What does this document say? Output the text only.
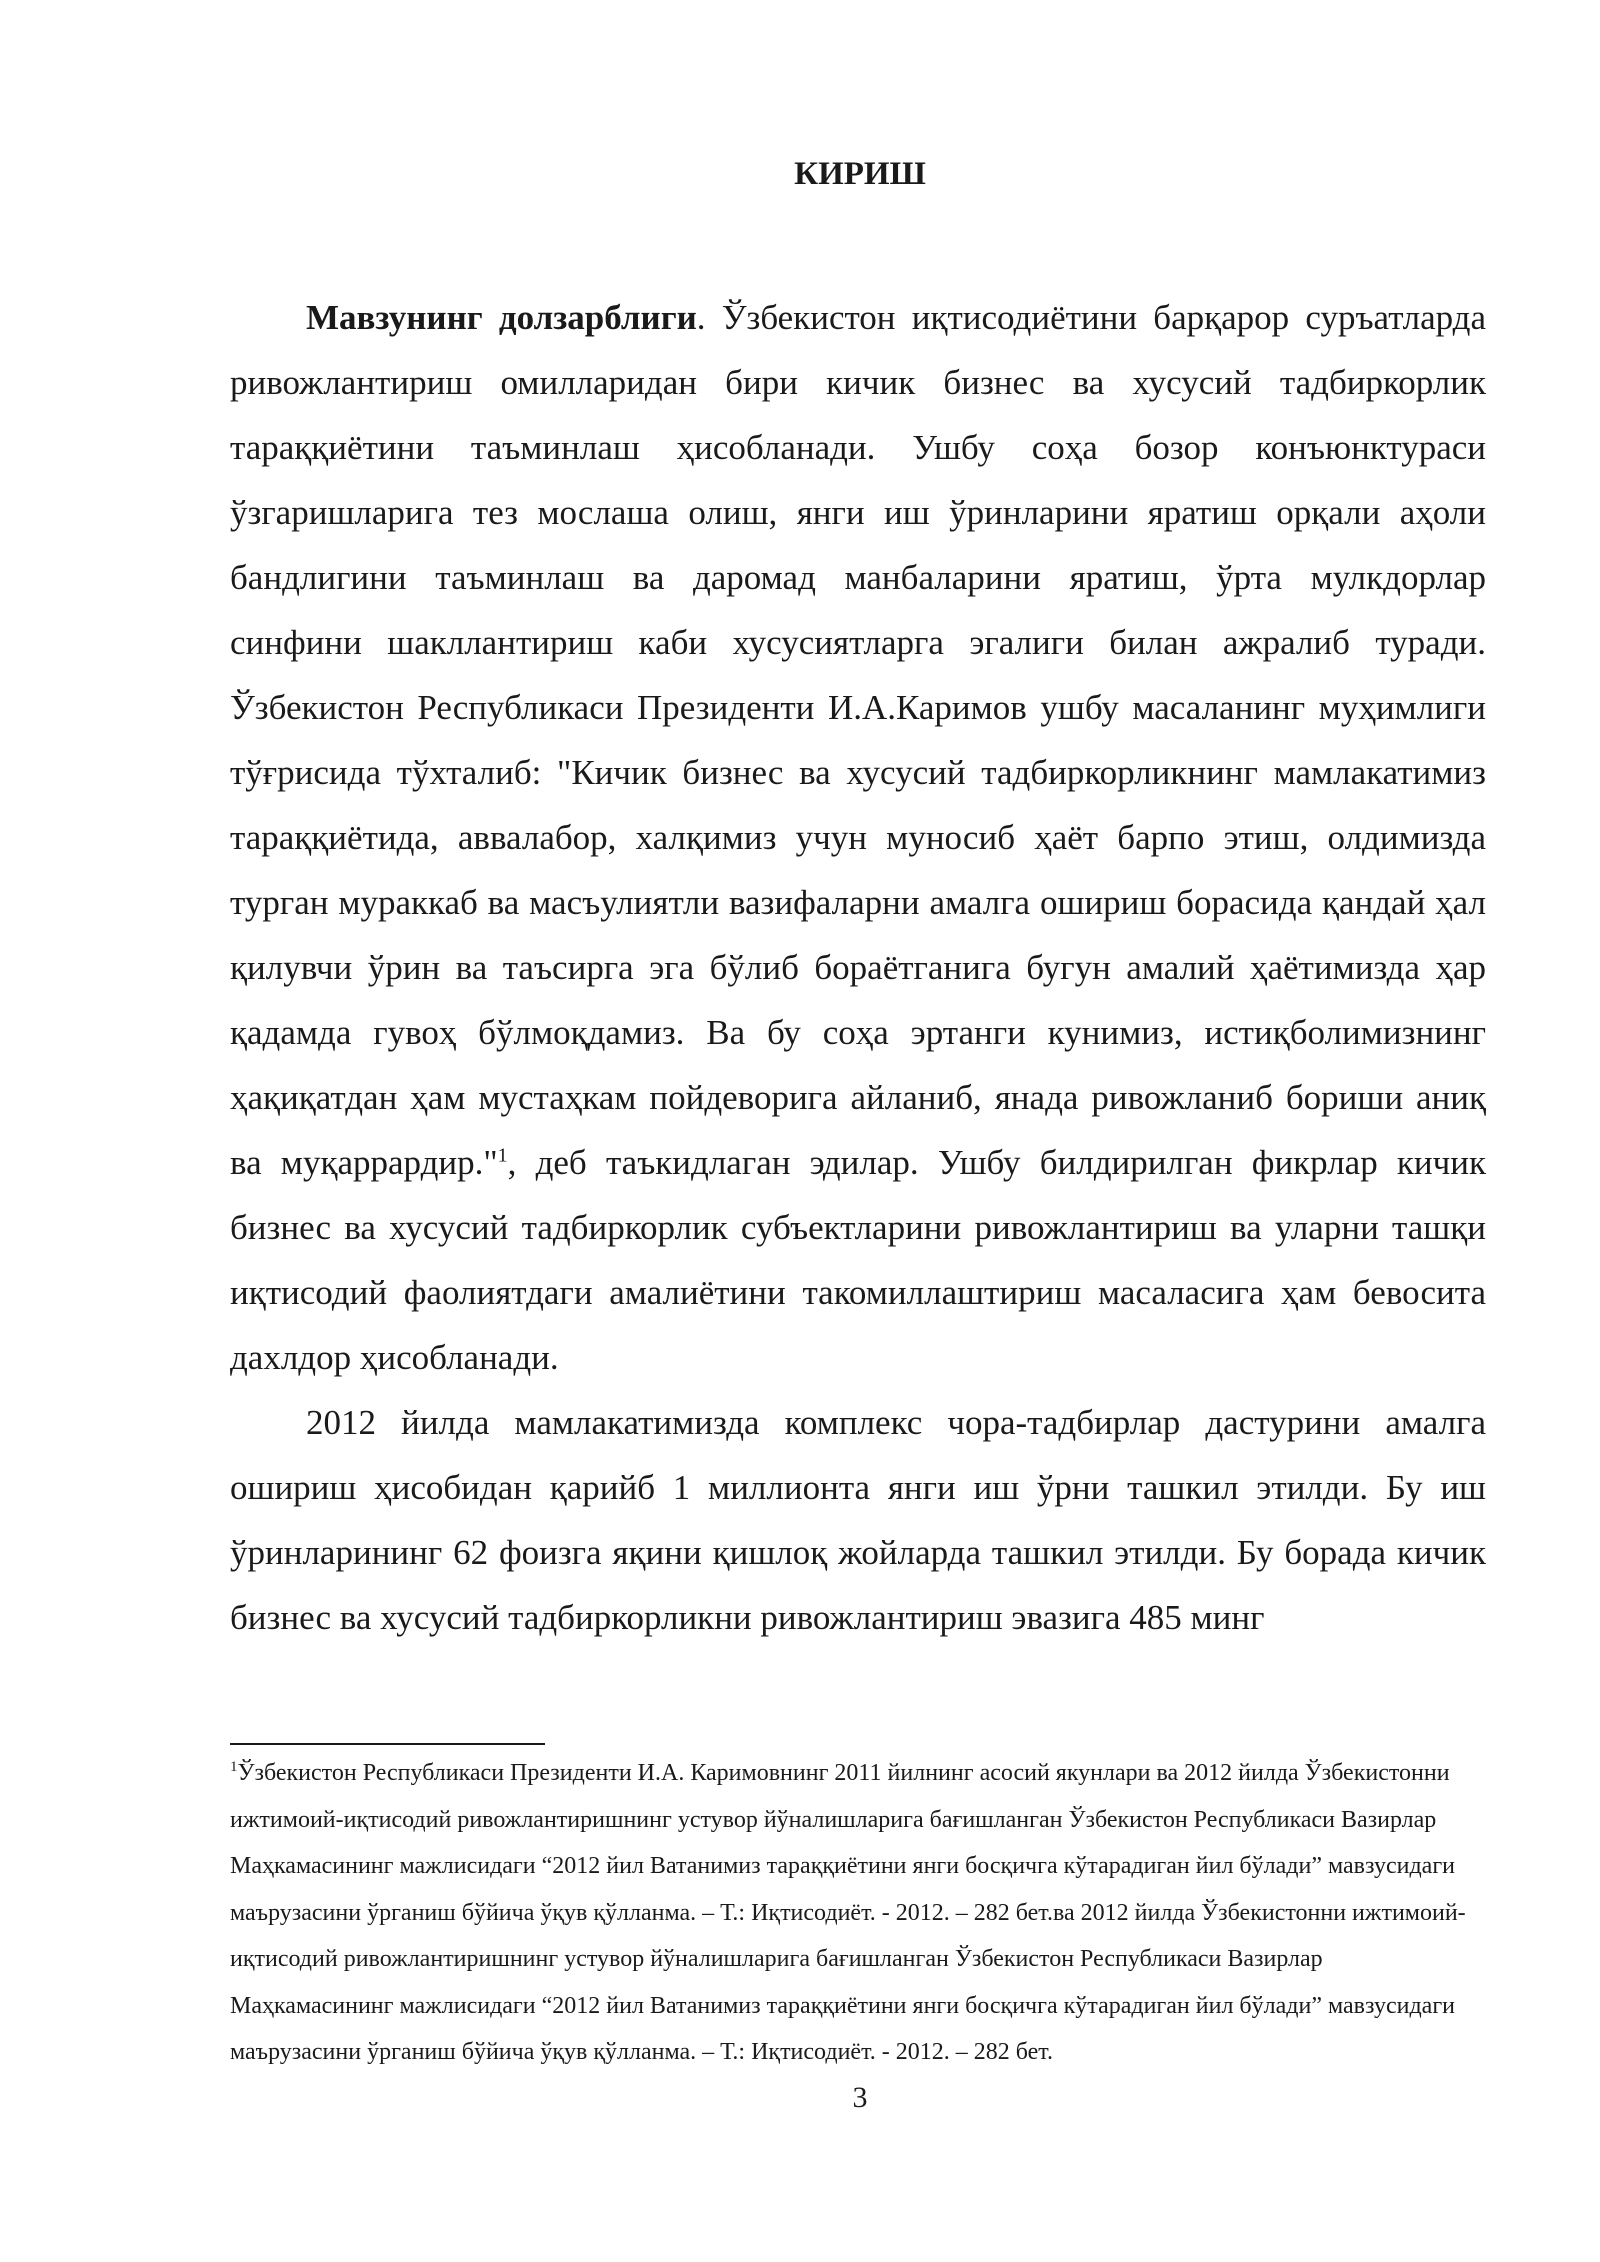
КИРИШ

Мавзунинг долзарблиги. Ўзбекистон иқтисодиётини барқарор суръатларда ривожлантириш омилларидан бири кичик бизнес ва хусусий тадбиркорлик тараққиётини таъминлаш ҳисобланади. Ушбу соҳа бозор конъюнктураси ўзгаришларига тез мослаша олиш, янги иш ўринларини яратиш орқали аҳоли бандлигини таъминлаш ва даромад манбаларини яратиш, ўрта мулкдорлар синфини шакллантириш каби хусусиятларга эгалиги билан ажралиб туради. Ўзбекистон Республикаси Президенти И.А.Каримов ушбу масаланинг муҳимлиги тўғрисида тўхталиб: "Кичик бизнес ва хусусий тадбиркорликнинг мамлакатимиз тараққиётида, аввалабор, халқимиз учун муносиб ҳаёт барпо этиш, олдимизда турган мураккаб ва масъулиятли вазифаларни амалга ошириш борасида қандай ҳал қилувчи ўрин ва таъсирга эга бўлиб бораётганига бугун амалий ҳаётимизда ҳар қадамда гувоҳ бўлмоқдамиз. Ва бу соҳа эртанги кунимиз, истиқболимизнинг ҳақиқатдан ҳам мустаҳкам пойдеворига айланиб, янада ривожланиб бориши аниқ ва муқаррардир."$^1$, деб таъкидлаган эдилар. Ушбу билдирилган фикрлар кичик бизнес ва хусусий тадбиркорлик субъектларини ривожлантириш ва уларни ташқи иқтисодий фаолиятдаги амалиётини такомиллаштириш масаласига ҳам бевосита дахлдор ҳисобланади.

2012 йилда мамлакатимизда комплекс чора-тадбирлар дастурини амалга ошириш ҳисобидан қарийб 1 миллионта янги иш ўрни ташкил этилди. Бу иш ўринларининг 62 фоизга яқини қишлоқ жойларда ташкил этилди. Бу борада кичик бизнес ва хусусий тадбиркорликни ривожлантириш эвазига 485 минг

$^1$Ўзбекистон Республикаси Президенти И.А. Каримовнинг 2011 йилнинг асосий якунлари ва 2012 йилда Ўзбекистонни ижтимоий-иқтисодий ривожлантиришнинг устувор йўналишларига бағишланган Ўзбекистон Республикаси Вазирлар Маҳкамасининг мажлисидаги “2012 йил Ватанимиз тараққиётини янги босқичга кўтарадиган йил бўлади” мавзусидаги маърузасини ўрганиш бўйича ўқув қўлланма. – Т.: Иқтисодиёт. - 2012. – 282 бет.ва 2012 йилда Ўзбекистонни ижтимоий-иқтисодий ривожлантиришнинг устувор йўналишларига бағишланган Ўзбекистон Республикаси Вазирлар Маҳкамасининг мажлисидаги “2012 йил Ватанимиз тараққиётини янги босқичга кўтарадиган йил бўлади” мавзусидаги маърузасини ўрганиш бўйича ўқув қўлланма. – Т.: Иқтисодиёт. - 2012. – 282 бет.

3
